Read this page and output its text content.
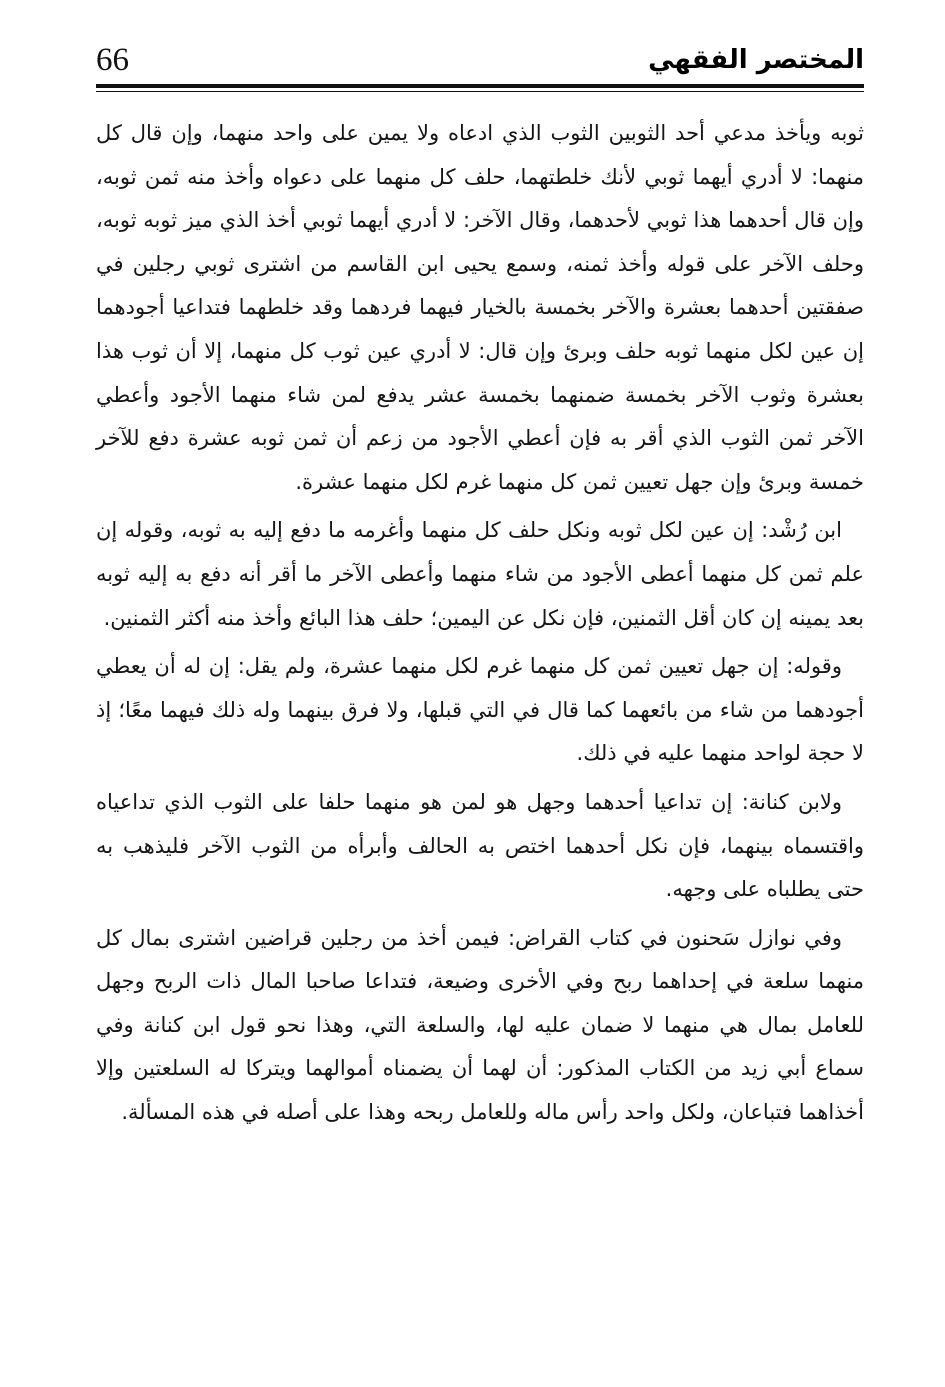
66	المختصر الفقهي

ثوبه ويأخذ مدعي أحد الثوبين الثوب الذي ادعاه ولا يمين على واحد منهما، وإن قال كل منهما: لا أدري أيهما ثوبي لأنك خلطتهما، حلف كل منهما على دعواه وأخذ منه ثمن ثوبه، وإن قال أحدهما هذا ثوبي لأحدهما، وقال الآخر: لا أدري أيهما ثوبي أخذ الذي ميز ثوبه ثوبه، وحلف الآخر على قوله وأخذ ثمنه، وسمع يحيى ابن القاسم من اشترى ثوبي رجلين في صفقتين أحدهما بعشرة والآخر بخمسة بالخيار فيهما فردهما وقد خلطهما فتداعيا أجودهما إن عين لكل منهما ثوبه حلف وبرئ وإن قال: لا أدري عين ثوب كل منهما، إلا أن ثوب هذا بعشرة وثوب الآخر بخمسة ضمنهما بخمسة عشر يدفع لمن شاء منهما الأجود وأعطي الآخر ثمن الثوب الذي أقر به فإن أعطي الأجود من زعم أن ثمن ثوبه عشرة دفع للآخر خمسة وبرئ وإن جهل تعيين ثمن كل منهما غرم لكل منهما عشرة.

ابن رُشْد: إن عين لكل ثوبه ونكل حلف كل منهما وأغرمه ما دفع إليه به ثوبه، وقوله إن علم ثمن كل منهما أعطى الأجود من شاء منهما وأعطى الآخر ما أقر أنه دفع به إليه ثوبه بعد يمينه إن كان أقل الثمنين، فإن نكل عن اليمين؛ حلف هذا البائع وأخذ منه أكثر الثمنين.

وقوله: إن جهل تعيين ثمن كل منهما غرم لكل منهما عشرة، ولم يقل: إن له أن يعطي أجودهما من شاء من بائعهما كما قال في التي قبلها، ولا فرق بينهما وله ذلك فيهما معًا؛ إذ لا حجة لواحد منهما عليه في ذلك.

ولابن كنانة: إن تداعيا أحدهما وجهل هو لمن هو منهما حلفا على الثوب الذي تداعياه واقتسماه بينهما، فإن نكل أحدهما اختص به الحالف وأبرأه من الثوب الآخر فليذهب به حتى يطلباه على وجهه.

وفي نوازل سَحنون في كتاب القراض: فيمن أخذ من رجلين قراضين اشترى بمال كل منهما سلعة في إحداهما ربح وفي الأخرى وضيعة، فتداعا صاحبا المال ذات الربح وجهل للعامل بمال هي منهما لا ضمان عليه لها، والسلعة التي، وهذا نحو قول ابن كنانة وفي سماع أبي زيد من الكتاب المذكور: أن لهما أن يضمناه أموالهما ويتركا له السلعتين وإلا أخذاهما فتباعان، ولكل واحد رأس ماله وللعامل ربحه وهذا على أصله في هذه المسألة.
